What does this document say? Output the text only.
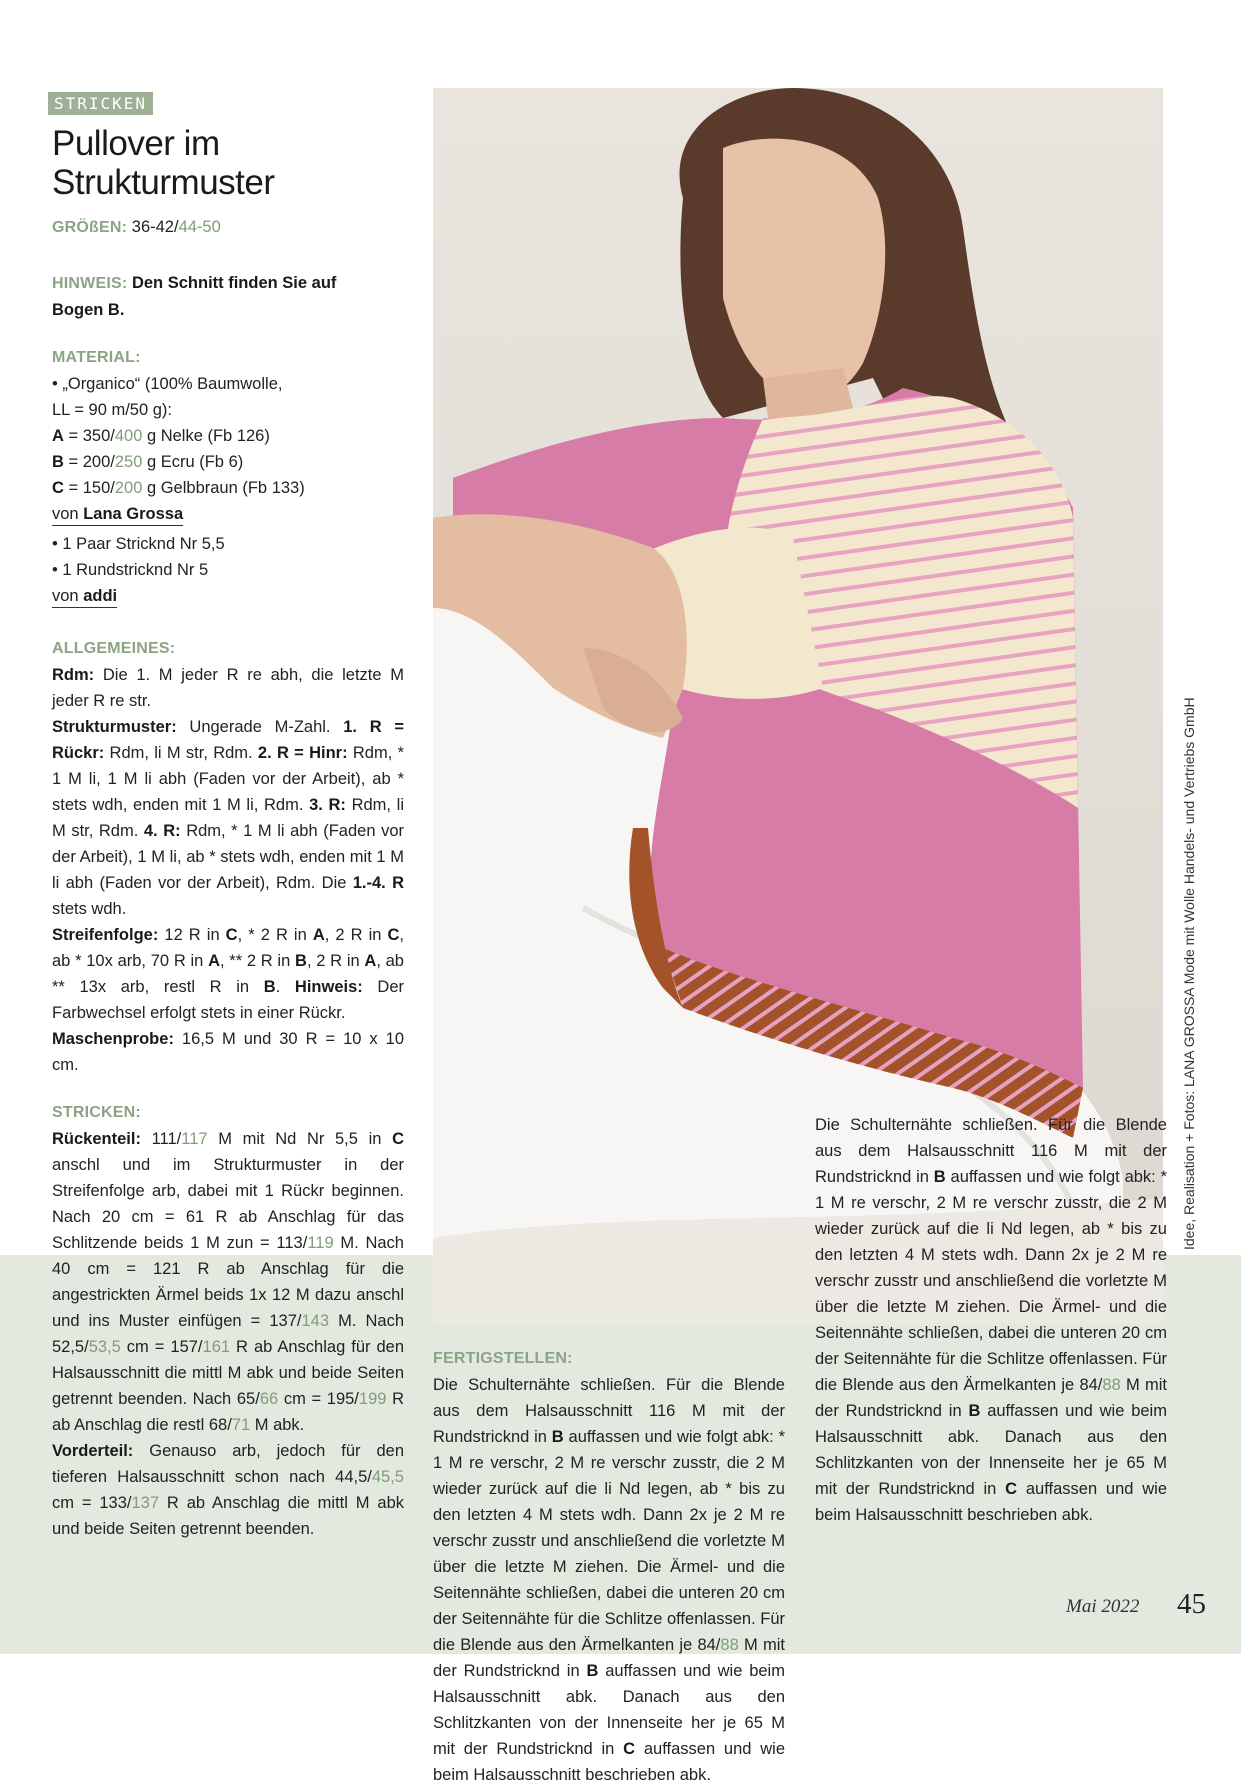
STRICKEN
Pullover im
Strukturmuster
GRÖßEN: 36-42/44-50
HINWEIS: Den Schnitt finden Sie auf Bogen B.

MATERIAL:

• „Organico“ (100% Baumwolle,

LL = 90 m/50 g):

A = 350/400 g Nelke (Fb 126)

B = 200/250 g Ecru (Fb 6)

C = 150/200 g Gelbbraun (Fb 133)

von Lana Grossa

• 1 Paar Stricknd Nr 5,5

• 1 Rundstricknd Nr 5

von addi

ALLGEMEINES:

Rdm: Die 1. M jeder R re abh, die letzte M jeder R re str.

Strukturmuster: Ungerade M-Zahl. 1. R = Rückr: Rdm, li M str, Rdm. 2. R = Hinr: Rdm, * 1 M li, 1 M li abh (Faden vor der Arbeit), ab * stets wdh, enden mit 1 M li, Rdm. 3. R: Rdm, li M str, Rdm. 4. R: Rdm, * 1 M li abh (Faden vor der Arbeit), 1 M li, ab * stets wdh, enden mit 1 M li abh (Faden vor der Arbeit), Rdm. Die 1.-4. R stets wdh.

Streifenfolge: 12 R in C, * 2 R in A, 2 R in C, ab * 10x arb, 70 R in A, ** 2 R in B, 2 R in A, ab ** 13x arb, restl R in B. Hinweis: Der Farbwechsel erfolgt stets in einer Rückr.

Maschenprobe: 16,5 M und 30 R = 10 x 10 cm.

STRICKEN:

Rückenteil: 111/117 M mit Nd Nr 5,5 in C anschl und im Strukturmuster in der Streifenfolge arb, dabei mit 1 Rückr beginnen. Nach 20 cm = 61 R ab Anschlag für das Schlitzende beids 1 M zun = 113/119 M. Nach 40 cm = 121 R ab Anschlag für die angestrickten Ärmel beids 1x 12 M dazu anschl und ins Muster einfügen = 137/143 M. Nach 52,5/53,5 cm = 157/161 R ab Anschlag für den Halsausschnitt die mittl M abk und beide Seiten getrennt beenden. Nach 65/66 cm = 195/199 R ab Anschlag die restl 68/71 M abk.

Vorderteil: Genauso arb, jedoch für den tieferen Halsausschnitt schon nach 44,5/45,5 cm = 133/137 R ab Anschlag die mittl M abk und beide Seiten getrennt beenden.

Idee, Realisation + Fotos: LANA GROSSA Mode mit Wolle Handels- und Vertriebs GmbH

FERTIGSTELLEN:

Die Schulternähte schließen. Für die Blende aus dem Halsausschnitt 116 M mit der Rundstricknd in B auffassen und wie folgt abk: * 1 M re verschr, 2 M re verschr zusstr, die 2 M wieder zurück auf die li Nd legen, ab * bis zu den letzten 4 M stets wdh. Dann 2x je 2 M re verschr zusstr und anschließend die vorletzte M über die letzte M ziehen. Die Ärmel- und die Seitennähte schließen, dabei die unteren 20 cm der Seitennähte für die Schlitze offenlassen. Für die Blende aus den Ärmelkanten je 84/88 M mit der Rundstricknd in B auffassen und wie beim Halsausschnitt abk. Danach aus den Schlitzkanten von der Innenseite her je 65 M mit der Rundstricknd in C auffassen und wie beim Halsausschnitt beschrieben abk.

Die Schulternähte schließen. Für die Blende aus dem Halsausschnitt 116 M mit der Rundstricknd in B auffassen und wie folgt abk: * 1 M re verschr, 2 M re verschr zusstr, die 2 M wieder zurück auf die li Nd legen, ab * bis zu den letzten 4 M stets wdh. Dann 2x je 2 M re verschr zusstr und anschließend die vorletzte M über die letzte M ziehen. Die Ärmel- und die Seitennähte schließen, dabei die unteren 20 cm der Seitennähte für die Schlitze offenlassen. Für die Blende aus den Ärmelkanten je 84/88 M mit der Rundstricknd in B auffassen und wie beim Halsausschnitt abk. Danach aus den Schlitzkanten von der Innenseite her je 65 M mit der Rundstricknd in C auffassen und wie beim Halsausschnitt beschrieben abk.

Mai 2022 45
